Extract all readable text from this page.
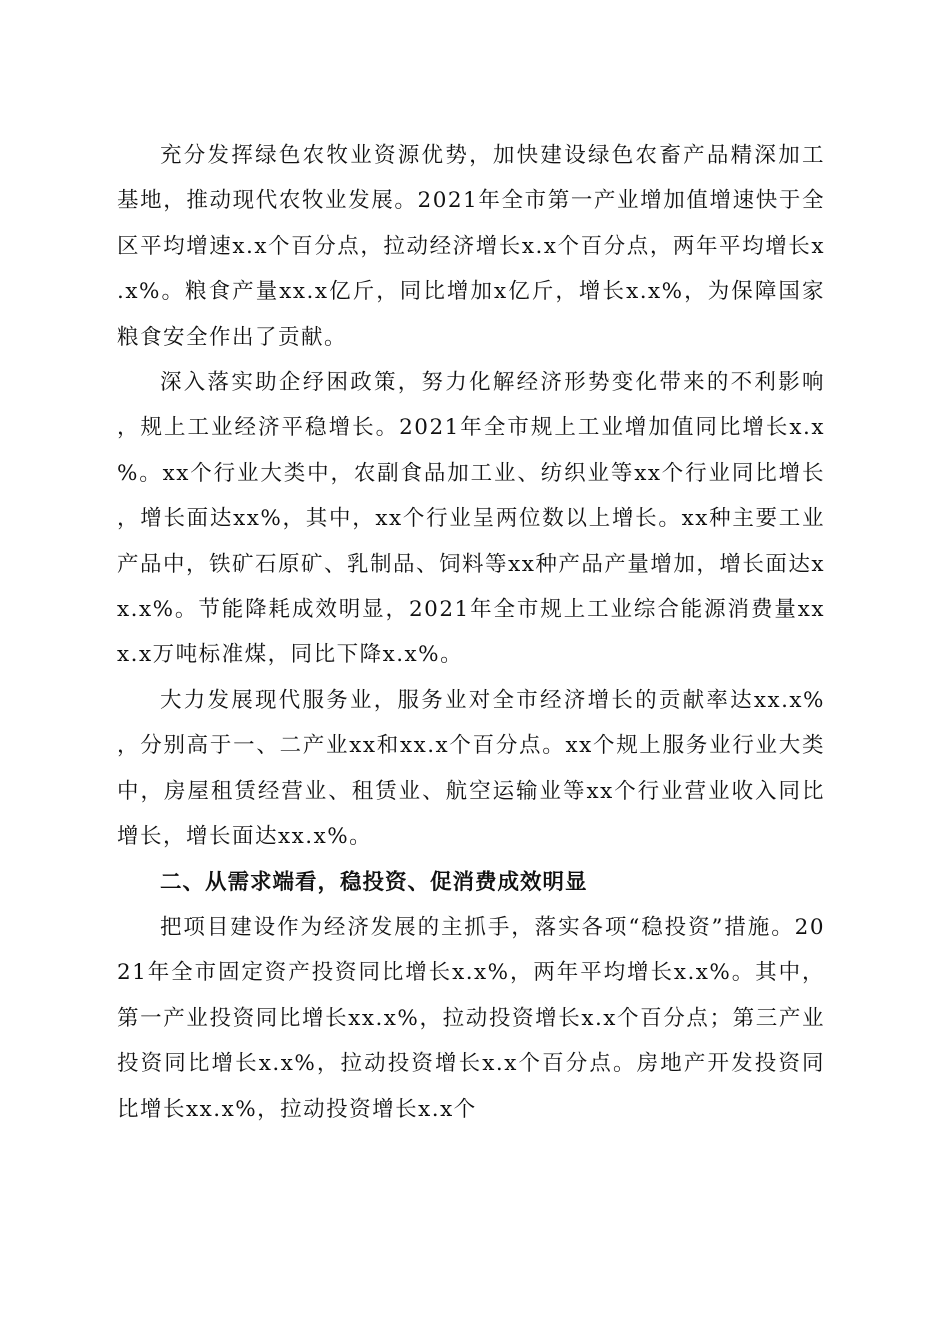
充分发挥绿色农牧业资源优势，加快建设绿色农畜产品精深加工基地，推动现代农牧业发展。2021年全市第一产业增加值增速快于全区平均增速x.x个百分点，拉动经济增长x.x个百分点，两年平均增长x.x%。粮食产量xx.x亿斤，同比增加x亿斤，增长x.x%，为保障国家粮食安全作出了贡献。

深入落实助企纾困政策，努力化解经济形势变化带来的不利影响，规上工业经济平稳增长。2021年全市规上工业增加值同比增长x.x%。xx个行业大类中，农副食品加工业、纺织业等xx个行业同比增长，增长面达xx%，其中，xx个行业呈两位数以上增长。xx种主要工业产品中，铁矿石原矿、乳制品、饲料等xx种产品产量增加，增长面达xx.x%。节能降耗成效明显，2021年全市规上工业综合能源消费量xxx.x万吨标准煤，同比下降x.x%。

大力发展现代服务业，服务业对全市经济增长的贡献率达xx.x%，分别高于一、二产业xx和xx.x个百分点。xx个规上服务业行业大类中，房屋租赁经营业、租赁业、航空运输业等xx个行业营业收入同比增长，增长面达xx.x%。

二、从需求端看，稳投资、促消费成效明显

把项目建设作为经济发展的主抓手，落实各项“稳投资”措施。2021年全市固定资产投资同比增长x.x%，两年平均增长x.x%。其中，第一产业投资同比增长xx.x%，拉动投资增长x.x个百分点；第三产业投资同比增长x.x%，拉动投资增长x.x个百分点。房地产开发投资同比增长xx.x%，拉动投资增长x.x个
